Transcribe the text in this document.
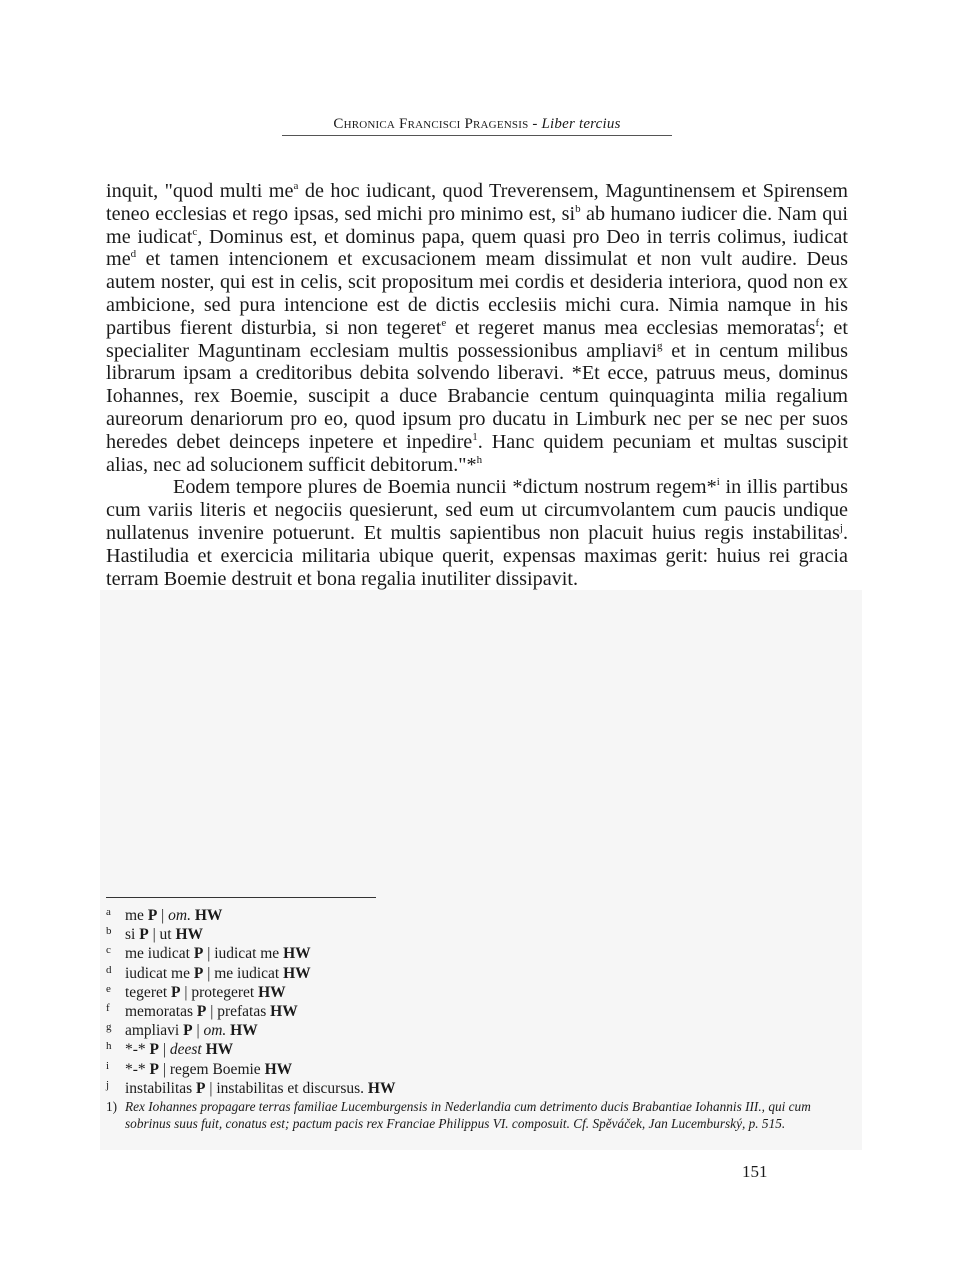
Chronica Francisci Pragensis - Liber tercius

inquit, "quod multi $me^a$ de hoc iudicant, quod Treverensem, Maguntinensem et Spirensem teneo ecclesias et rego ipsas, sed michi pro minimo est, $si^b$ ab humano iudicer die. Nam qui me iudicat$^c$, Dominus est, et dominus papa, quem quasi pro Deo in terris colimus, iudicat $me^d$ et tamen intencionem et excusacionem meam dissimulat et non vult audire. Deus autem noster, qui est in celis, scit propositum mei cordis et desideria interiora, quod non ex ambicione, sed pura intencione est de dictis ecclesiis michi cura. Nimia namque in his partibus fierent disturbia, si non tegeret$^e$ et regeret manus mea ecclesias memoratas$^f$; et specialiter Maguntinam ecclesiam multis possessionibus ampliavi$^g$ et in centum milibus librarum ipsam a creditoribus debita solvendo liberavi. *Et ecce, patruus meus, dominus Iohannes, rex Boemie, suscipit a duce Brabancie centum quinquaginta milia regalium aureorum denariorum pro eo, quod ipsum pro ducatu in Limburk nec per se nec per suos heredes debet deinceps inpetere et inpedire$^1$. Hanc quidem pecuniam et multas suscipit alias, nec ad solucionem sufficit debitorum."*$^h$

Eodem tempore plures de Boemia nuncii *dictum nostrum regem*$^i$ in illis partibus cum variis literis et negociis quesierunt, sed eum ut circumvolantem cum paucis undique nullatenus invenire potuerunt. Et multis sapientibus non placuit huius regis instabilitas$^j$. Hastiludia et exercicia militaria ubique querit, expensas maximas gerit: huius rei gracia terram Boemie destruit et bona regalia inutiliter dissipavit.

a me P | om. HW
b si P | ut HW
c me iudicat P | iudicat me HW
d iudicat me P | me iudicat HW
e tegeret P | protegeret HW
f memoratas P | prefatas HW
g ampliavi P | om. HW
h *-* P | deest HW
i	*-* P | regem Boemie HW
j	instabilitas P | instabilitas et discursus. HW
1) Rex Iohannes propagare terras familiae Lucemburgensis in Nederlandia cum detrimento ducis Brabantiae Iohannis III., qui cum sobrinus suus fuit, conatus est; pactum pacis rex Franciae Philippus VI. composuit. Cf. Spěváček, Jan Lucemburský, p. 515.
151
